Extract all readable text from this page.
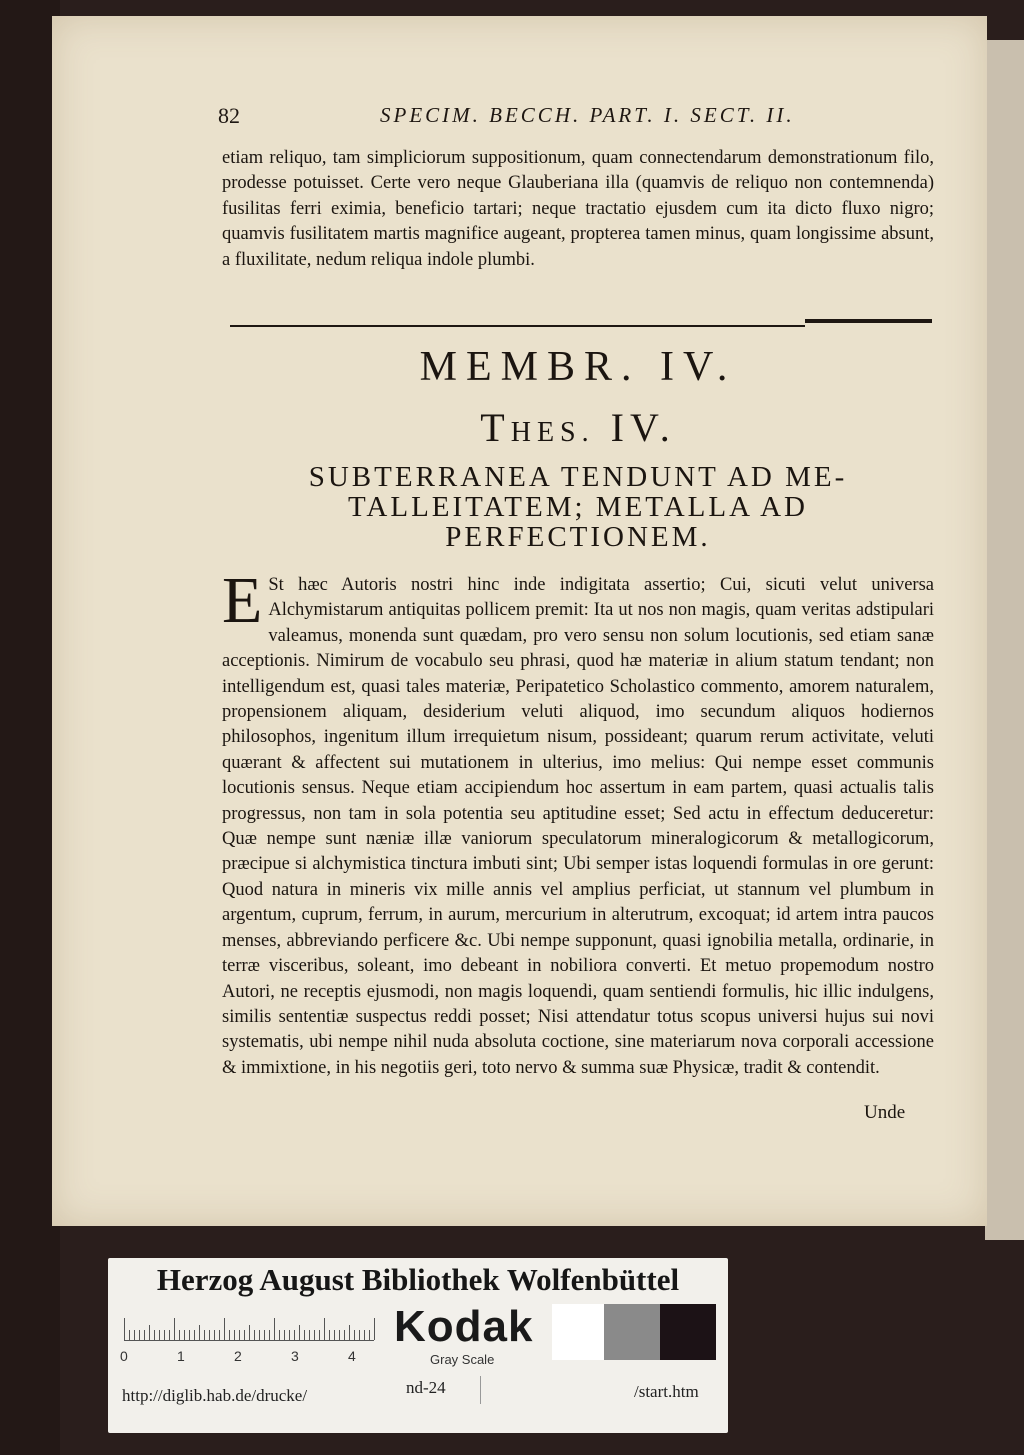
82	SPECIM. BECCH. PART. I. SECT. II.
etiam reliquo, tam simpliciorum suppositionum, quam connectendarum demonstrationum filo, prodesse potuisset. Certe vero neque Glauberiana illa (quamvis de reliquo non contemnenda) fusilitas ferri eximia, beneficio tartari; neque tractatio ejusdem cum ita dicto fluxo nigro; quamvis fusilitatem martis magnifice augeant, propterea tamen minus, quam longissime absunt, a fluxilitate, nedum reliqua indole plumbi.
MEMBR. IV.
THES. IV.
SUBTERRANEA TENDUNT AD ME-
TALLEITATEM; METALLA AD
PERFECTIONEM.
E St hæc Autoris nostri hinc inde indigitata assertio; Cui, sicuti velut universa Alchymistarum antiquitas pollicem premit: Ita ut nos non magis, quam veritas adstipulari valeamus, monenda sunt quædam, pro vero sensu non solum locutionis, sed etiam sanæ acceptionis. Nimirum de vocabulo seu phrasi, quod hæ materiæ in alium statum tendant; non intelligendum est, quasi tales materiæ, Peripatetico Scholastico commento, amorem naturalem, propensionem aliquam, desiderium veluti aliquod, imo secundum aliquos hodiernos philosophos, ingenitum illum irrequietum nisum, possideant; quarum rerum activitate, veluti quærant & affectent sui mutationem in ulterius, imo melius: Qui nempe esset communis locutionis sensus. Neque etiam accipiendum hoc assertum in eam partem, quasi actualis talis progressus, non tam in sola potentia seu aptitudine esset; Sed actu in effectum deduceretur: Quæ nempe sunt næniæ illæ vaniorum speculatorum mineralogicorum & metallogicorum, præcipue si alchymistica tinctura imbuti sint; Ubi semper istas loquendi formulas in ore gerunt: Quod natura in mineris vix mille annis vel amplius perficiat, ut stannum vel plumbum in argentum, cuprum, ferrum, in aurum, mercurium in alterutrum, excoquat; id artem intra paucos menses, abbreviando perficere &c. Ubi nempe supponunt, quasi ignobilia metalla, ordinarie, in terræ visceribus, soleant, imo debeant in nobiliora converti. Et metuo propemodum nostro Autori, ne receptis ejusmodi, non magis loquendi, quam sentiendi formulis, hic illic indulgens, similis sententiæ suspectus reddi posset; Nisi attendatur totus scopus universi hujus sui novi systematis, ubi nempe nihil nuda absoluta coctione, sine materiarum nova corporali accessione & immixtione, in his negotiis geri, toto nervo & summa suæ Physicæ, tradit & contendit.
Unde
Herzog August Bibliothek Wolfenbüttel
0	1	2	3	4
Kodak
Gray Scale
http://diglib.hab.de/drucke/	nd-24	/start.htm
